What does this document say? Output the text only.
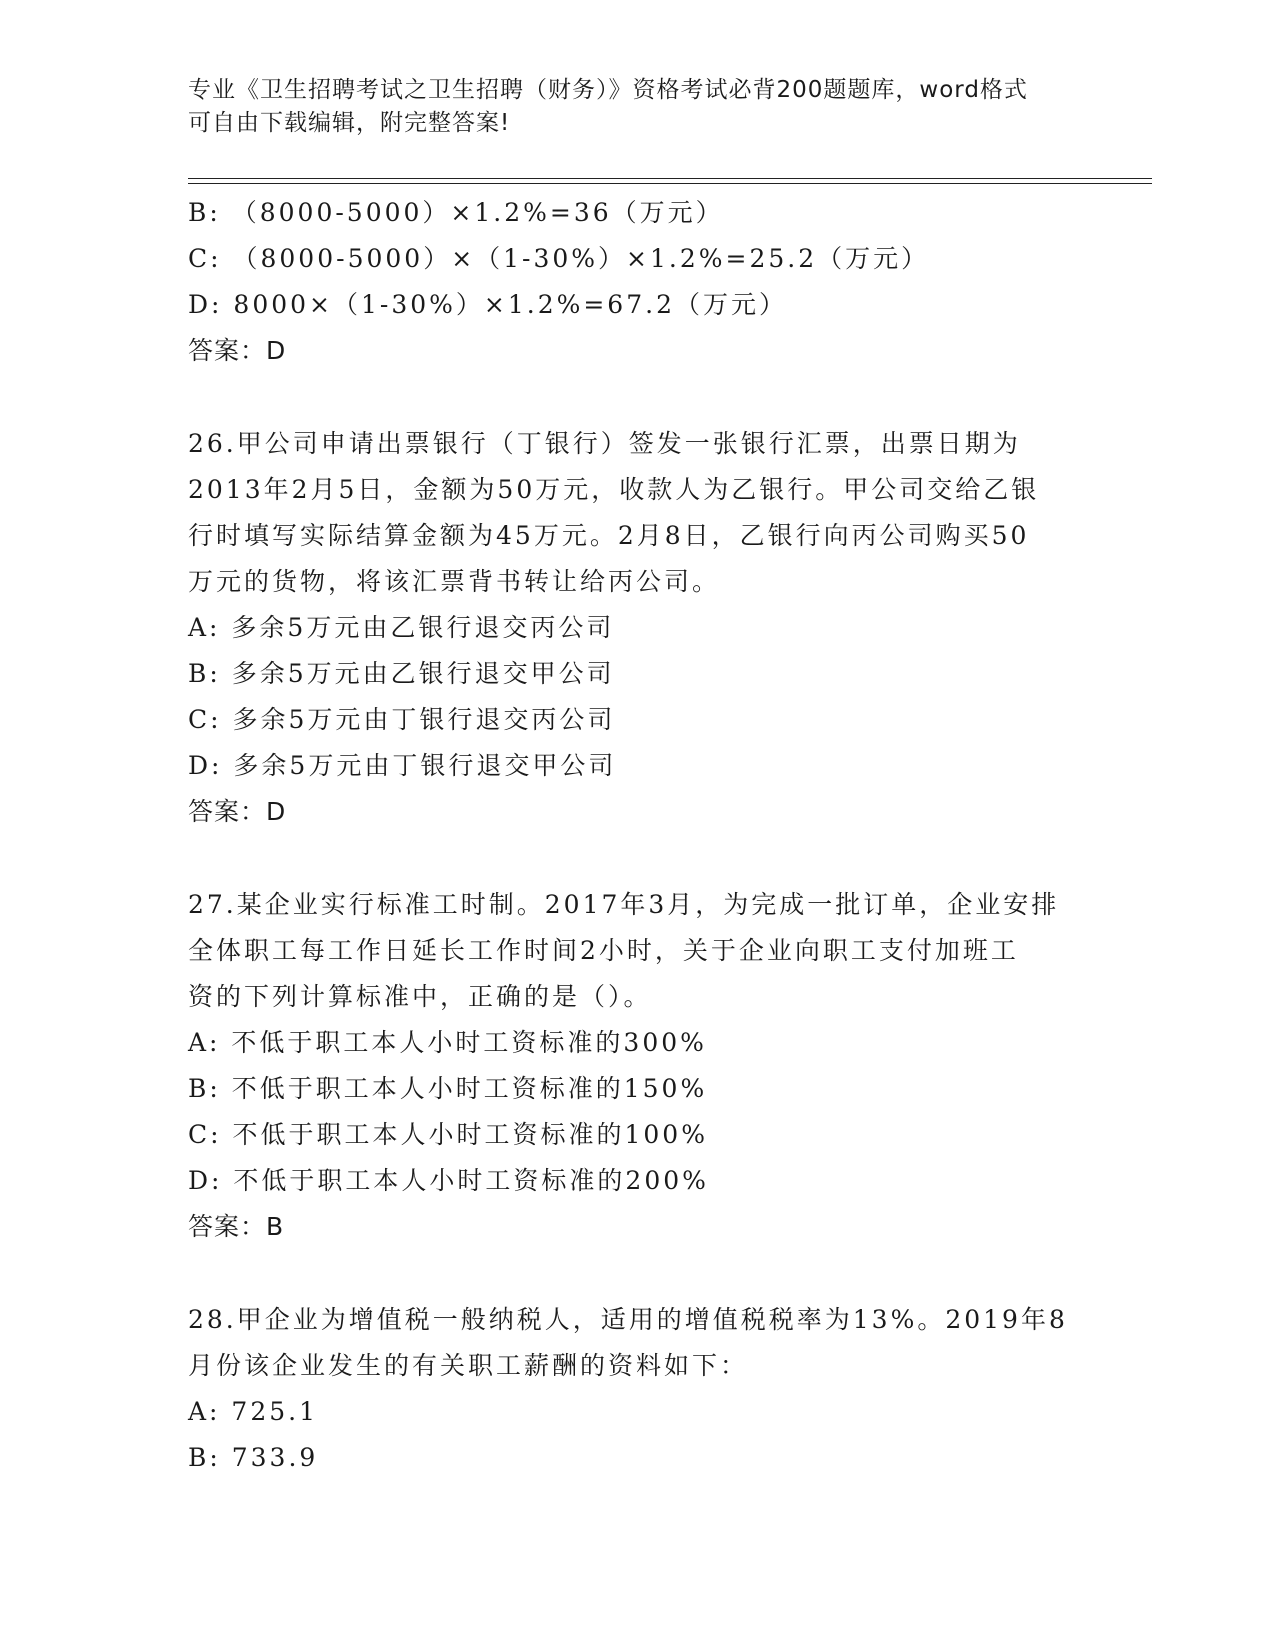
专业《卫生招聘考试之卫生招聘（财务）》资格考试必背200题题库，word格式
可自由下载编辑，附完整答案!
B: （8000-5000）×1.2%=36（万元）
C: （8000-5000）×（1-30%）×1.2%=25.2（万元）
D: 8000×（1-30%）×1.2%=67.2（万元）
答案：D
26.甲公司申请出票银行（丁银行）签发一张银行汇票，出票日期为
2013年2月5日，金额为50万元，收款人为乙银行。甲公司交给乙银
行时填写实际结算金额为45万元。2月8日，乙银行向丙公司购买50
万元的货物，将该汇票背书转让给丙公司。
A: 多余5万元由乙银行退交丙公司
B: 多余5万元由乙银行退交甲公司
C: 多余5万元由丁银行退交丙公司
D: 多余5万元由丁银行退交甲公司
答案：D
27.某企业实行标准工时制。2017年3月，为完成一批订单，企业安排
全体职工每工作日延长工作时间2小时，关于企业向职工支付加班工
资的下列计算标准中，正确的是（）。
A: 不低于职工本人小时工资标准的300%
B: 不低于职工本人小时工资标准的150%
C: 不低于职工本人小时工资标准的100%
D: 不低于职工本人小时工资标准的200%
答案：B
28.甲企业为增值税一般纳税人，适用的增值税税率为13%。2019年8
月份该企业发生的有关职工薪酬的资料如下：
A: 725.1
B: 733.9
